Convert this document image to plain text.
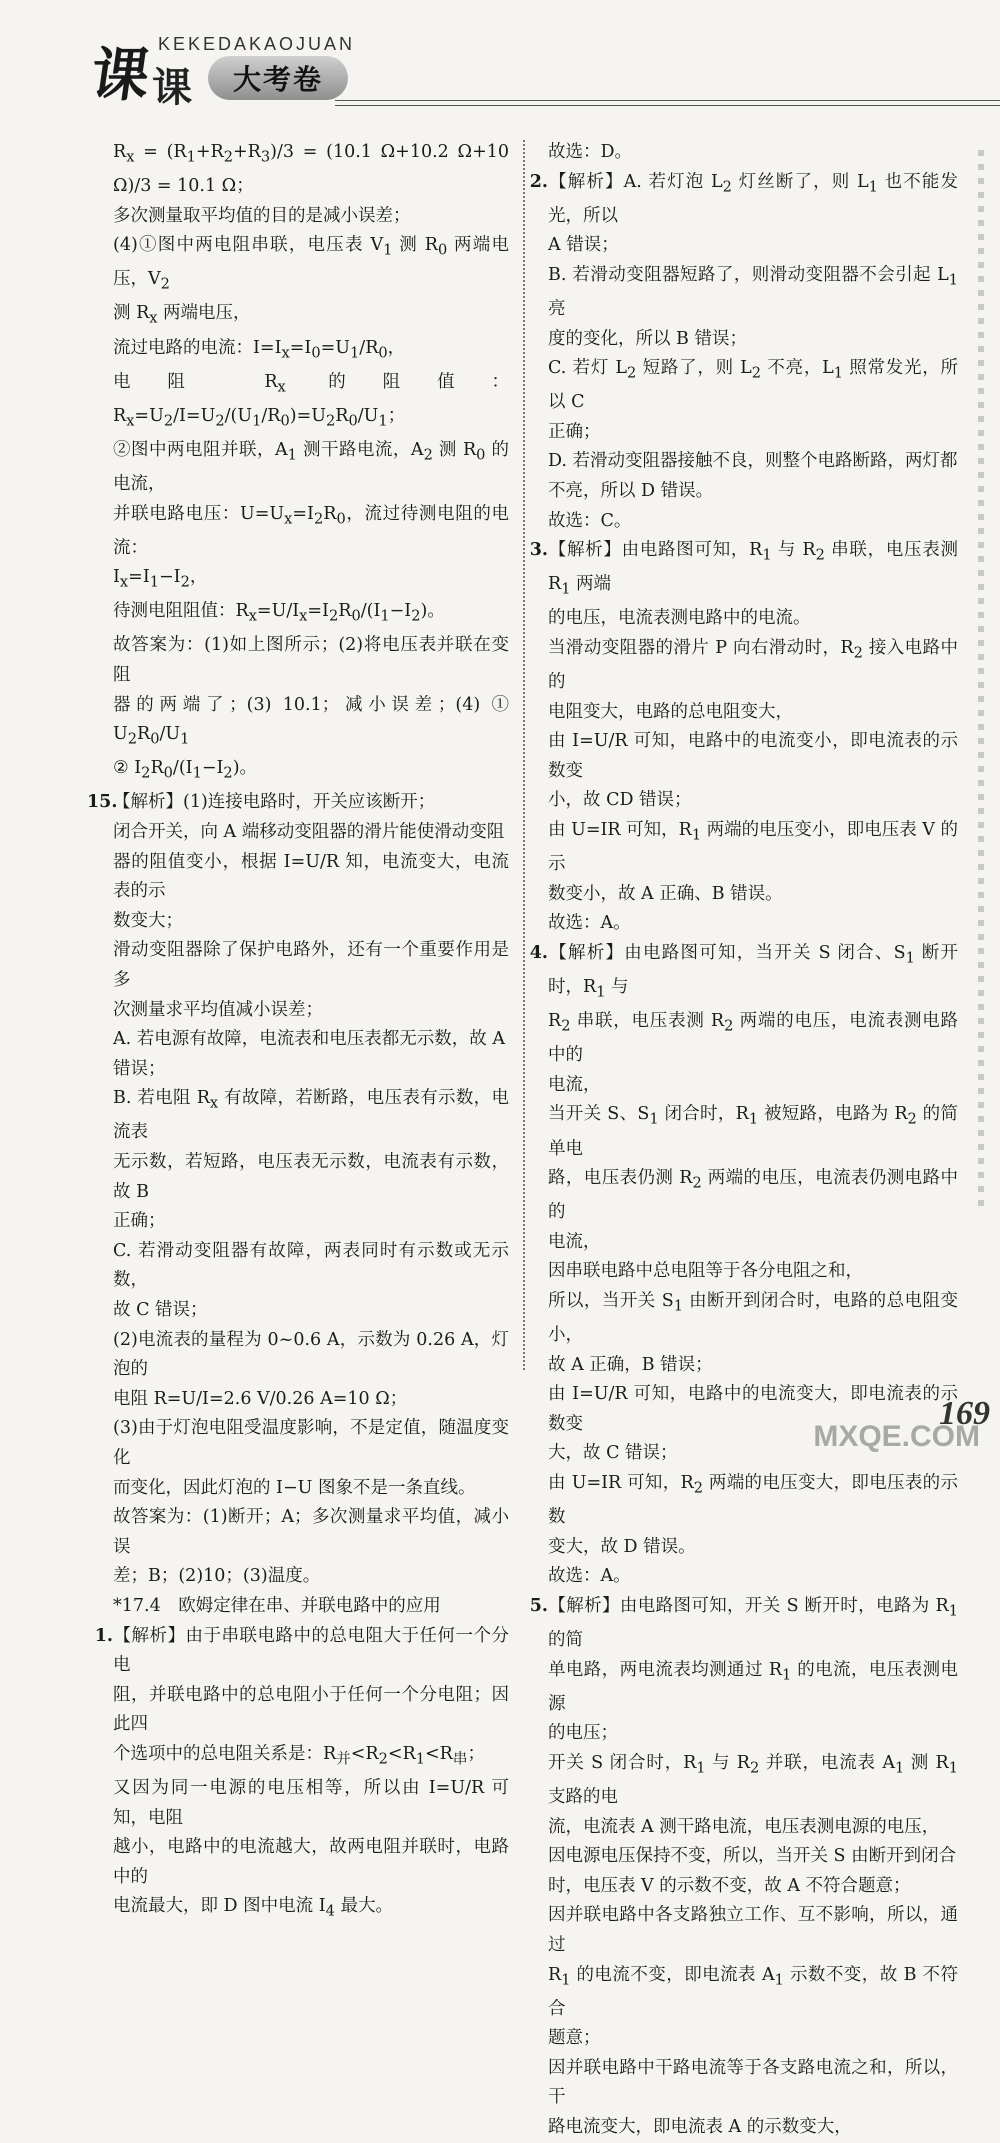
课
课	大考卷
KEKEDAKAOJUAN

$R_x = (R_1+R_2+R_3)/3 = (10.1$ Ω+10.2 Ω+10 Ω)/3 = 10.1 Ω；

多次测量取平均值的目的是减小误差；

(4)①图中两电阻串联，电压表 $V_1$ 测 $R_0$ 两端电压，$V_2$

测 $R_x$ 两端电压，

流过电路的电流：$I=I_x=I_0=U_1/R_0$，

电阻 $R_x$ 的阻值：$R_x=U_2/I=U_2/(U_1/R_0)=U_2R_0/U_1$；

②图中两电阻并联，$A_1$ 测干路电流，$A_2$ 测 $R_0$ 的电流，

并联电路电压：$U=U_x=I_2R_0$，流过待测电阻的电流：

$I_x=I_1-I_2$，

待测电阻阻值：$R_x=U/I_x=I_2R_0/(I_1-I_2)$。

故答案为：(1)如上图所示；(2)将电压表并联在变阻

器的两端了；(3) 10.1；减小误差；(4) ① $U_2R_0/U_1$

② $I_2R_0/(I_1-I_2)$。

15.【解析】(1)连接电路时，开关应该断开；

闭合开关，向 A 端移动变阻器的滑片能使滑动变阻

器的阻值变小，根据 I=U/R 知，电流变大，电流表的示

数变大；

滑动变阻器除了保护电路外，还有一个重要作用是多

次测量求平均值减小误差；

A. 若电源有故障，电流表和电压表都无示数，故 A

错误；

B. 若电阻 $R_x$ 有故障，若断路，电压表有示数，电流表

无示数，若短路，电压表无示数，电流表有示数，故 B

正确；

C. 若滑动变阻器有故障，两表同时有示数或无示数，

故 C 错误；

(2)电流表的量程为 0~0.6 A，示数为 0.26 A，灯泡的

电阻 R=U/I=2.6 V/0.26 A=10 Ω；

(3)由于灯泡电阻受温度影响，不是定值，随温度变化

而变化，因此灯泡的 I−U 图象不是一条直线。

故答案为：(1)断开；A；多次测量求平均值，减小误

差；B；(2)10；(3)温度。

*17.4　欧姆定律在串、并联电路中的应用

1.【解析】由于串联电路中的总电阻大于任何一个分电

阻，并联电路中的总电阻小于任何一个分电阻；因此四

个选项中的总电阻关系是：$R_并<R_2<R_1<R_串$；

又因为同一电源的电压相等，所以由 I=U/R 可知，电阻

越小，电路中的电流越大，故两电阻并联时，电路中的

电流最大，即 D 图中电流 $I_4$ 最大。

故选：D。

2.【解析】A. 若灯泡 $L_2$ 灯丝断了，则 $L_1$ 也不能发光，所以

A 错误；

B. 若滑动变阻器短路了，则滑动变阻器不会引起 $L_1$ 亮

度的变化，所以 B 错误；

C. 若灯 $L_2$ 短路了，则 $L_2$ 不亮，$L_1$ 照常发光，所以 C

正确；

D. 若滑动变阻器接触不良，则整个电路断路，两灯都

不亮，所以 D 错误。

故选：C。

3.【解析】由电路图可知，$R_1$ 与 $R_2$ 串联，电压表测 $R_1$ 两端

的电压，电流表测电路中的电流。

当滑动变阻器的滑片 P 向右滑动时，$R_2$ 接入电路中的

电阻变大，电路的总电阻变大，

由 I=U/R 可知，电路中的电流变小，即电流表的示数变

小，故 CD 错误；

由 U=IR 可知，$R_1$ 两端的电压变小，即电压表 V 的示

数变小，故 A 正确、B 错误。

故选：A。

4.【解析】由电路图可知，当开关 S 闭合、$S_1$ 断开时，$R_1$ 与

$R_2$ 串联，电压表测 $R_2$ 两端的电压，电流表测电路中的

电流，

当开关 S、$S_1$ 闭合时，$R_1$ 被短路，电路为 $R_2$ 的简单电

路，电压表仍测 $R_2$ 两端的电压，电流表仍测电路中的

电流，

因串联电路中总电阻等于各分电阻之和，

所以，当开关 $S_1$ 由断开到闭合时，电路的总电阻变小，

故 A 正确，B 错误；

由 I=U/R 可知，电路中的电流变大，即电流表的示数变

大，故 C 错误；

由 U=IR 可知，$R_2$ 两端的电压变大，即电压表的示数

变大，故 D 错误。

故选：A。

5.【解析】由电路图可知，开关 S 断开时，电路为 $R_1$ 的简

单电路，两电流表均测通过 $R_1$ 的电流，电压表测电源

的电压；

开关 S 闭合时，$R_1$ 与 $R_2$ 并联，电流表 $A_1$ 测 $R_1$ 支路的电

流，电流表 A 测干路电流，电压表测电源的电压，

因电源电压保持不变，所以，当开关 S 由断开到闭合

时，电压表 V 的示数不变，故 A 不符合题意；

因并联电路中各支路独立工作、互不影响，所以，通过

$R_1$ 的电流不变，即电流表 $A_1$ 示数不变，故 B 不符合

题意；

因并联电路中干路电流等于各支路电流之和，所以，干

路电流变大，即电流表 A 的示数变大，

169
MXQE.COM
